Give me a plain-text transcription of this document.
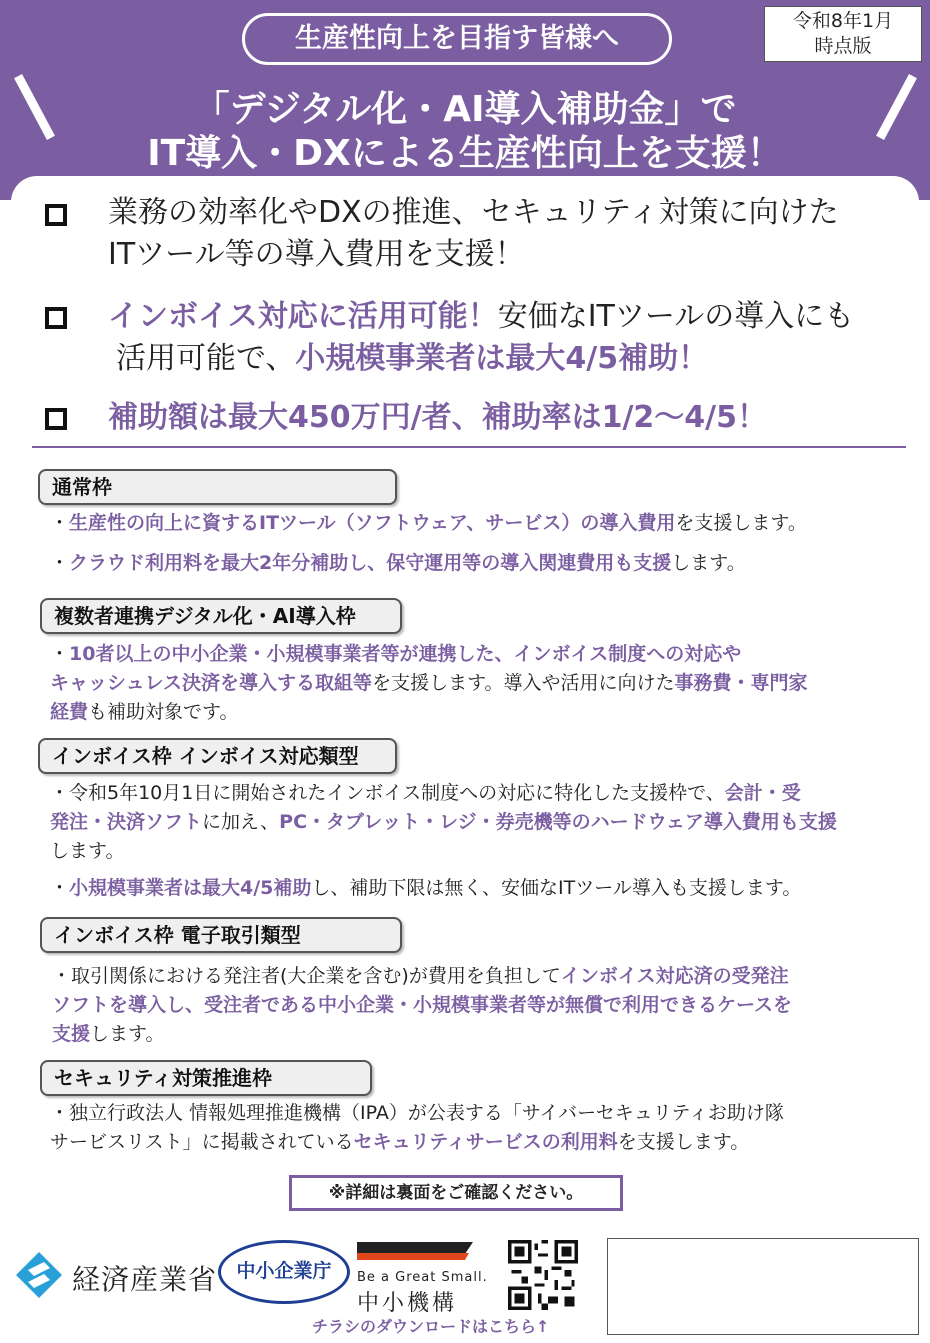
生産性向上を目指す皆様へ
令和8年1月
時点版
「デジタル化・AI導入補助金」で
IT導入・DXによる生産性向上を支援！
業務の効率化やDXの推進、セキュリティ対策に向けた
ITツール等の導入費用を支援！
インボイス対応に活用可能！安価なITツールの導入にも
活用可能で、小規模事業者は最大4/5補助！
補助額は最大450万円/者、補助率は1/2～4/5！
通常枠
・生産性の向上に資するITツール（ソフトウェア、サービス）の導入費用を支援します。
・クラウド利用料を最大2年分補助し、保守運用等の導入関連費用も支援します。
複数者連携デジタル化・AI導入枠
・10者以上の中小企業・小規模事業者等が連携した、インボイス制度への対応や
キャッシュレス決済を導入する取組等を支援します。導入や活用に向けた事務費・専門家
経費も補助対象です。
インボイス枠 インボイス対応類型
・令和5年10月1日に開始されたインボイス制度への対応に特化した支援枠で、会計・受
発注・決済ソフトに加え、PC・タブレット・レジ・券売機等のハードウェア導入費用も支援
します。
・小規模事業者は最大4/5補助し、補助下限は無く、安価なITツール導入も支援します。
インボイス枠 電子取引類型
・取引関係における発注者(大企業を含む)が費用を負担してインボイス対応済の受発注
ソフトを導入し、受注者である中小企業・小規模事業者等が無償で利用できるケースを
支援します。
セキュリティ対策推進枠
・独立行政法人 情報処理推進機構（IPA）が公表する「サイバーセキュリティお助け隊
サービスリスト」に掲載されているセキュリティサービスの利用料を支援します。
※詳細は裏面をご確認ください。
経済産業省	中小企業庁	Be a Great Small.
中小機構
チラシのダウンロードはこちら↑
